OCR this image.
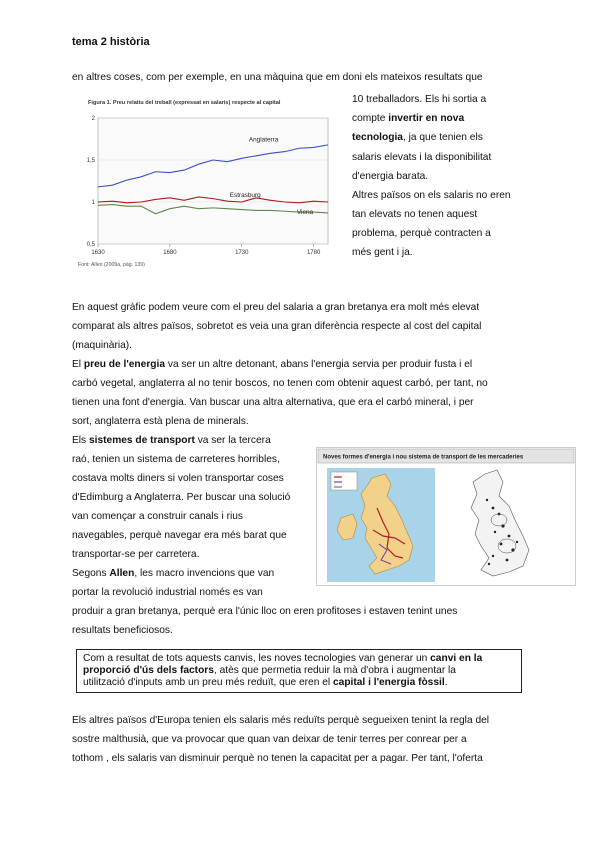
tema 2 història
en altres coses, com per exemple, en una màquina que em doni els mateixos resultats que
Figura 1. Preu relatiu del treball (expressat en salaris) respecte al capital
0,5
1
1,5
2
1630	1680	1730	1780
Anglaterra
Estrasburg
Viena
Font: Allen (2009a, pàg. 139)
10 treballadors. Els hi sortia a
compte invertir en nova
tecnologia, ja que tenien els
salaris elevats i la disponibilitat
d'energia barata.
Altres països on els salaris no eren
tan elevats no tenen aquest
problema, perquè contracten a
més gent i ja.
En aquest gràfic podem veure com el preu del salaria a gran bretanya era molt més elevat
comparat als altres països, sobretot es veia una gran diferència respecte al cost del capital
(maquinària).
El preu de l'energia va ser un altre detonant, abans l'energia servia per produir fusta i el
carbó vegetal, anglaterra al no tenir boscos, no tenen com obtenir aquest carbó, per tant, no
tienen una font d'energia. Van buscar una altra alternativa, que era el carbó mineral, i per
sort, anglaterra està plena de minerals.
Els sistemes de transport va ser la tercera
raó, tenien un sistema de carreteres horribles,
costava molts diners si volen transportar coses
d'Edimburg a Anglaterra. Per buscar una solució
van començar a construir canals i rius
navegables, perquè navegar era més barat que
transportar-se per carretera.
Segons Allen, les macro invencions que van
portar la revolució industrial només es van
produir a gran bretanya, perquè era l'únic lloc on eren profitoses i estaven tenint unes
resultats beneficiosos.
Noves formes d'energia i nou sistema de transport de les mercaderies
Com a resultat de tots aquests canvis, les noves tecnologies van generar un canvi en la
proporció d'ús dels factors, atès que permetia reduir la mà d'obra i augmentar la
utilització d'inputs amb un preu més reduït, que eren el capital i l'energia fòssil.
Els altres països d'Europa tenien els salaris més reduïts perquè segueixen tenint la regla del
sostre malthusià, que va provocar que quan van deixar de tenir terres per conrear per a
tothom , els salaris van disminuir perquè no tenen la capacitat per a pagar. Per tant, l'oferta
